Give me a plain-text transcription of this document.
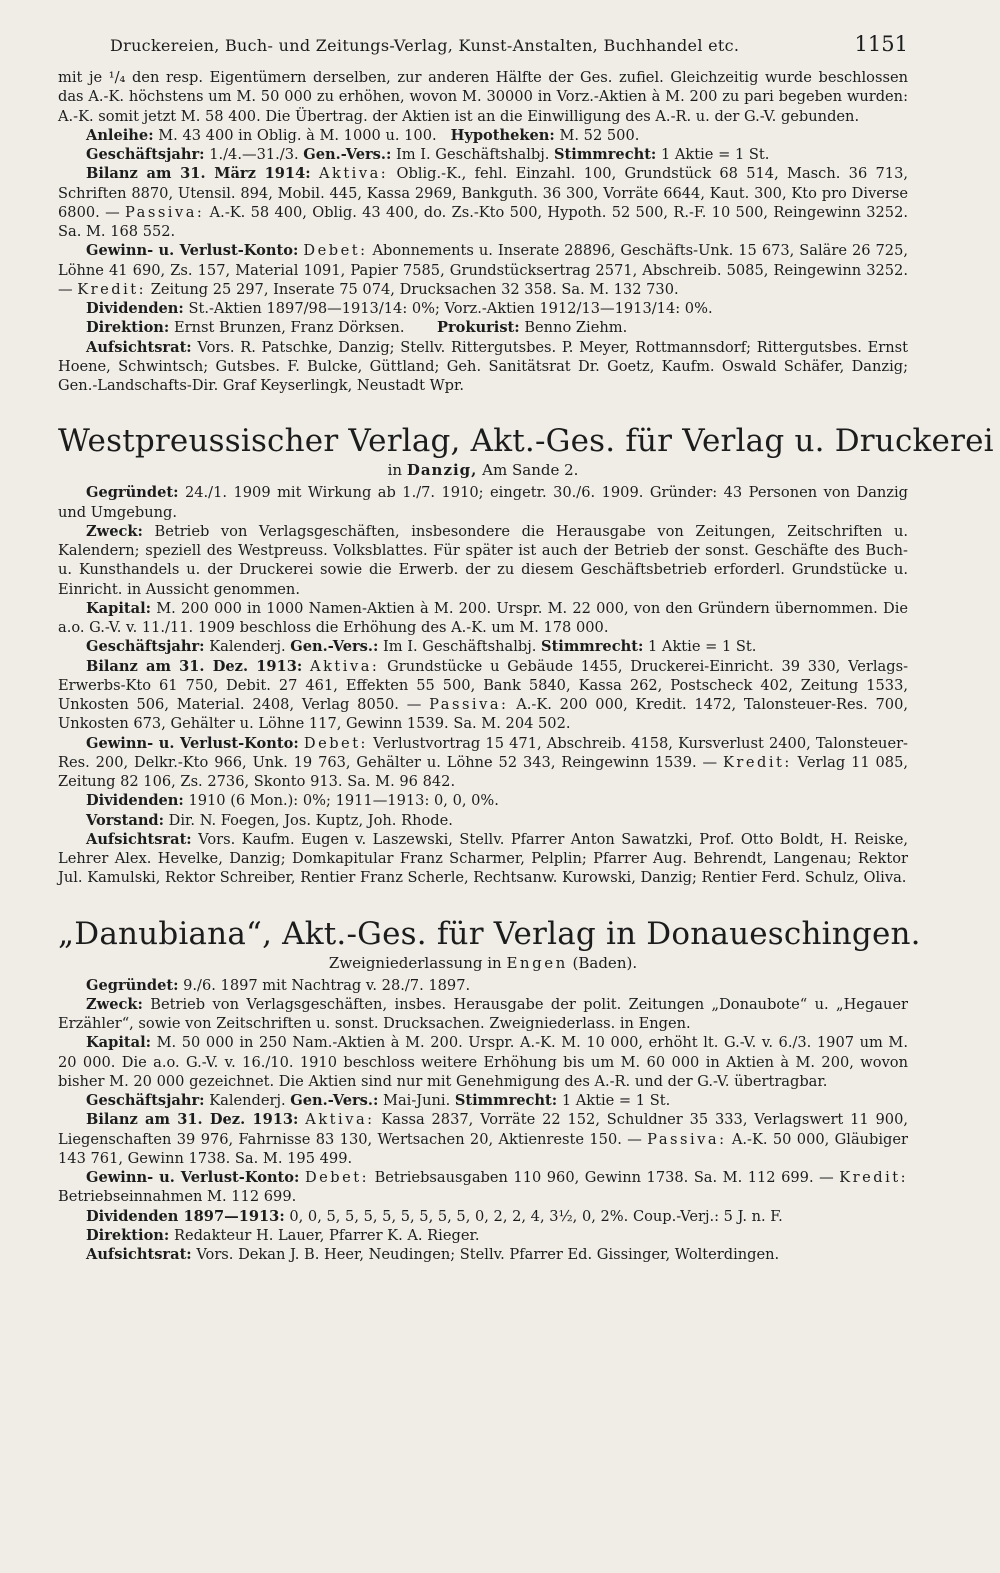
Druckereien, Buch- und Zeitungs-Verlag, Kunst-Anstalten, Buchhandel etc.	1151

mit je ¹/₄ den resp. Eigentümern derselben, zur anderen Hälfte der Ges. zufiel. Gleichzeitig wurde beschlossen das A.-K. höchstens um M. 50 000 zu erhöhen, wovon M. 30000 in Vorz.-Aktien à M. 200 zu pari begeben wurden: A.-K. somit jetzt M. 58 400. Die Übertrag. der Aktien ist an die Einwilligung des A.-R. u. der G.-V. gebunden.

Anleihe: M. 43 400 in Oblig. à M. 1000 u. 100. Hypotheken: M. 52 500.

Geschäftsjahr: 1./4.—31./3. Gen.-Vers.: Im I. Geschäftshalbj. Stimmrecht: 1 Aktie = 1 St.

Bilanz am 31. März 1914: Aktiva: Oblig.-K., fehl. Einzahl. 100, Grundstück 68 514, Masch. 36 713, Schriften 8870, Utensil. 894, Mobil. 445, Kassa 2969, Bankguth. 36 300, Vorräte 6644, Kaut. 300, Kto pro Diverse 6800. — Passiva: A.-K. 58 400, Oblig. 43 400, do. Zs.-Kto 500, Hypoth. 52 500, R.-F. 10 500, Reingewinn 3252. Sa. M. 168 552.

Gewinn- u. Verlust-Konto: Debet: Abonnements u. Inserate 28896, Geschäfts-Unk. 15 673, Saläre 26 725, Löhne 41 690, Zs. 157, Material 1091, Papier 7585, Grundstücksertrag 2571, Abschreib. 5085, Reingewinn 3252. — Kredit: Zeitung 25 297, Inserate 75 074, Drucksachen 32 358. Sa. M. 132 730.

Dividenden: St.-Aktien 1897/98—1913/14: 0%; Vorz.-Aktien 1912/13—1913/14: 0%.

Direktion: Ernst Brunzen, Franz Dörksen. Prokurist: Benno Ziehm.

Aufsichtsrat: Vors. R. Patschke, Danzig; Stellv. Rittergutsbes. P. Meyer, Rottmannsdorf; Rittergutsbes. Ernst Hoene, Schwintsch; Gutsbes. F. Bulcke, Güttland; Geh. Sanitätsrat Dr. Goetz, Kaufm. Oswald Schäfer, Danzig; Gen.-Landschafts-Dir. Graf Keyserlingk, Neustadt Wpr.

Westpreussischer Verlag, Akt.-Ges. für Verlag u. Druckerei
in Danzig, Am Sande 2.

Gegründet: 24./1. 1909 mit Wirkung ab 1./7. 1910; eingetr. 30./6. 1909. Gründer: 43 Personen von Danzig und Umgebung.

Zweck: Betrieb von Verlagsgeschäften, insbesondere die Herausgabe von Zeitungen, Zeitschriften u. Kalendern; speziell des Westpreuss. Volksblattes. Für später ist auch der Betrieb der sonst. Geschäfte des Buch- u. Kunsthandels u. der Druckerei sowie die Erwerb. der zu diesem Geschäftsbetrieb erforderl. Grundstücke u. Einricht. in Aussicht genommen.

Kapital: M. 200 000 in 1000 Namen-Aktien à M. 200. Urspr. M. 22 000, von den Gründern übernommen. Die a.o. G.-V. v. 11./11. 1909 beschloss die Erhöhung des A.-K. um M. 178 000.

Geschäftsjahr: Kalenderj. Gen.-Vers.: Im I. Geschäftshalbj. Stimmrecht: 1 Aktie = 1 St.

Bilanz am 31. Dez. 1913: Aktiva: Grundstücke u Gebäude 1455, Druckerei-Einricht. 39 330, Verlags-Erwerbs-Kto 61 750, Debit. 27 461, Effekten 55 500, Bank 5840, Kassa 262, Postscheck 402, Zeitung 1533, Unkosten 506, Material. 2408, Verlag 8050. — Passiva: A.-K. 200 000, Kredit. 1472, Talonsteuer-Res. 700, Unkosten 673, Gehälter u. Löhne 117, Gewinn 1539. Sa. M. 204 502.

Gewinn- u. Verlust-Konto: Debet: Verlustvortrag 15 471, Abschreib. 4158, Kursverlust 2400, Talonsteuer-Res. 200, Delkr.-Kto 966, Unk. 19 763, Gehälter u. Löhne 52 343, Reingewinn 1539. — Kredit: Verlag 11 085, Zeitung 82 106, Zs. 2736, Skonto 913. Sa. M. 96 842.

Dividenden: 1910 (6 Mon.): 0%; 1911—1913: 0, 0, 0%.

Vorstand: Dir. N. Foegen, Jos. Kuptz, Joh. Rhode.

Aufsichtsrat: Vors. Kaufm. Eugen v. Laszewski, Stellv. Pfarrer Anton Sawatzki, Prof. Otto Boldt, H. Reiske, Lehrer Alex. Hevelke, Danzig; Domkapitular Franz Scharmer, Pelplin; Pfarrer Aug. Behrendt, Langenau; Rektor Jul. Kamulski, Rektor Schreiber, Rentier Franz Scherle, Rechtsanw. Kurowski, Danzig; Rentier Ferd. Schulz, Oliva.

„Danubiana“, Akt.-Ges. für Verlag in Donaueschingen.
Zweigniederlassung in Engen (Baden).

Gegründet: 9./6. 1897 mit Nachtrag v. 28./7. 1897.

Zweck: Betrieb von Verlagsgeschäften, insbes. Herausgabe der polit. Zeitungen „Donaubote“ u. „Hegauer Erzähler“, sowie von Zeitschriften u. sonst. Drucksachen. Zweigniederlass. in Engen.

Kapital: M. 50 000 in 250 Nam.-Aktien à M. 200. Urspr. A.-K. M. 10 000, erhöht lt. G.-V. v. 6./3. 1907 um M. 20 000. Die a.o. G.-V. v. 16./10. 1910 beschloss weitere Erhöhung bis um M. 60 000 in Aktien à M. 200, wovon bisher M. 20 000 gezeichnet. Die Aktien sind nur mit Genehmigung des A.-R. und der G.-V. übertragbar.

Geschäftsjahr: Kalenderj. Gen.-Vers.: Mai-Juni. Stimmrecht: 1 Aktie = 1 St.

Bilanz am 31. Dez. 1913: Aktiva: Kassa 2837, Vorräte 22 152, Schuldner 35 333, Verlagswert 11 900, Liegenschaften 39 976, Fahrnisse 83 130, Wertsachen 20, Aktienreste 150. — Passiva: A.-K. 50 000, Gläubiger 143 761, Gewinn 1738. Sa. M. 195 499.

Gewinn- u. Verlust-Konto: Debet: Betriebsausgaben 110 960, Gewinn 1738. Sa. M. 112 699. — Kredit: Betriebseinnahmen M. 112 699.

Dividenden 1897—1913: 0, 0, 5, 5, 5, 5, 5, 5, 5, 5, 0, 2, 2, 4, 3½, 0, 2%. Coup.-Verj.: 5 J. n. F.

Direktion: Redakteur H. Lauer, Pfarrer K. A. Rieger.

Aufsichtsrat: Vors. Dekan J. B. Heer, Neudingen; Stellv. Pfarrer Ed. Gissinger, Wolterdingen.
